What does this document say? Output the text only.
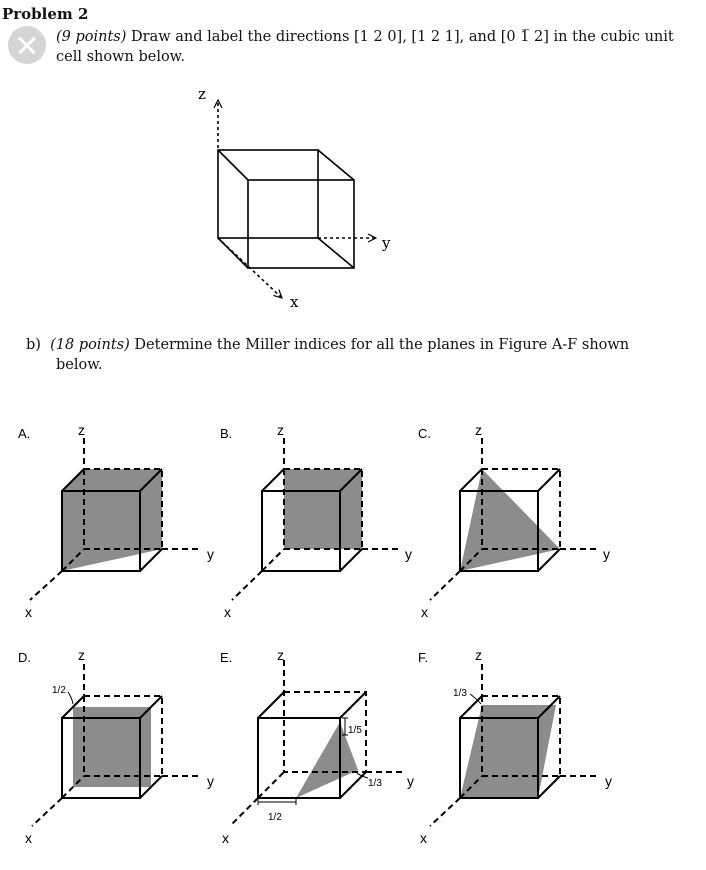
Problem 2
(9 points) Draw and label the directions [1 2 0], [1 2 1], and [0 1̅ 2] in the cubic unit cell shown below.
b) (18 points) Determine the Miller indices for all the planes in Figure A-F shown
below.
z
y
x
A.	z
y
x
B.	z
y
x
C.	z
y
x
D.	z
1/2
y
x
E.	z
1/5
1/3
1/2
y
x
F.	z
1/3
y
x
